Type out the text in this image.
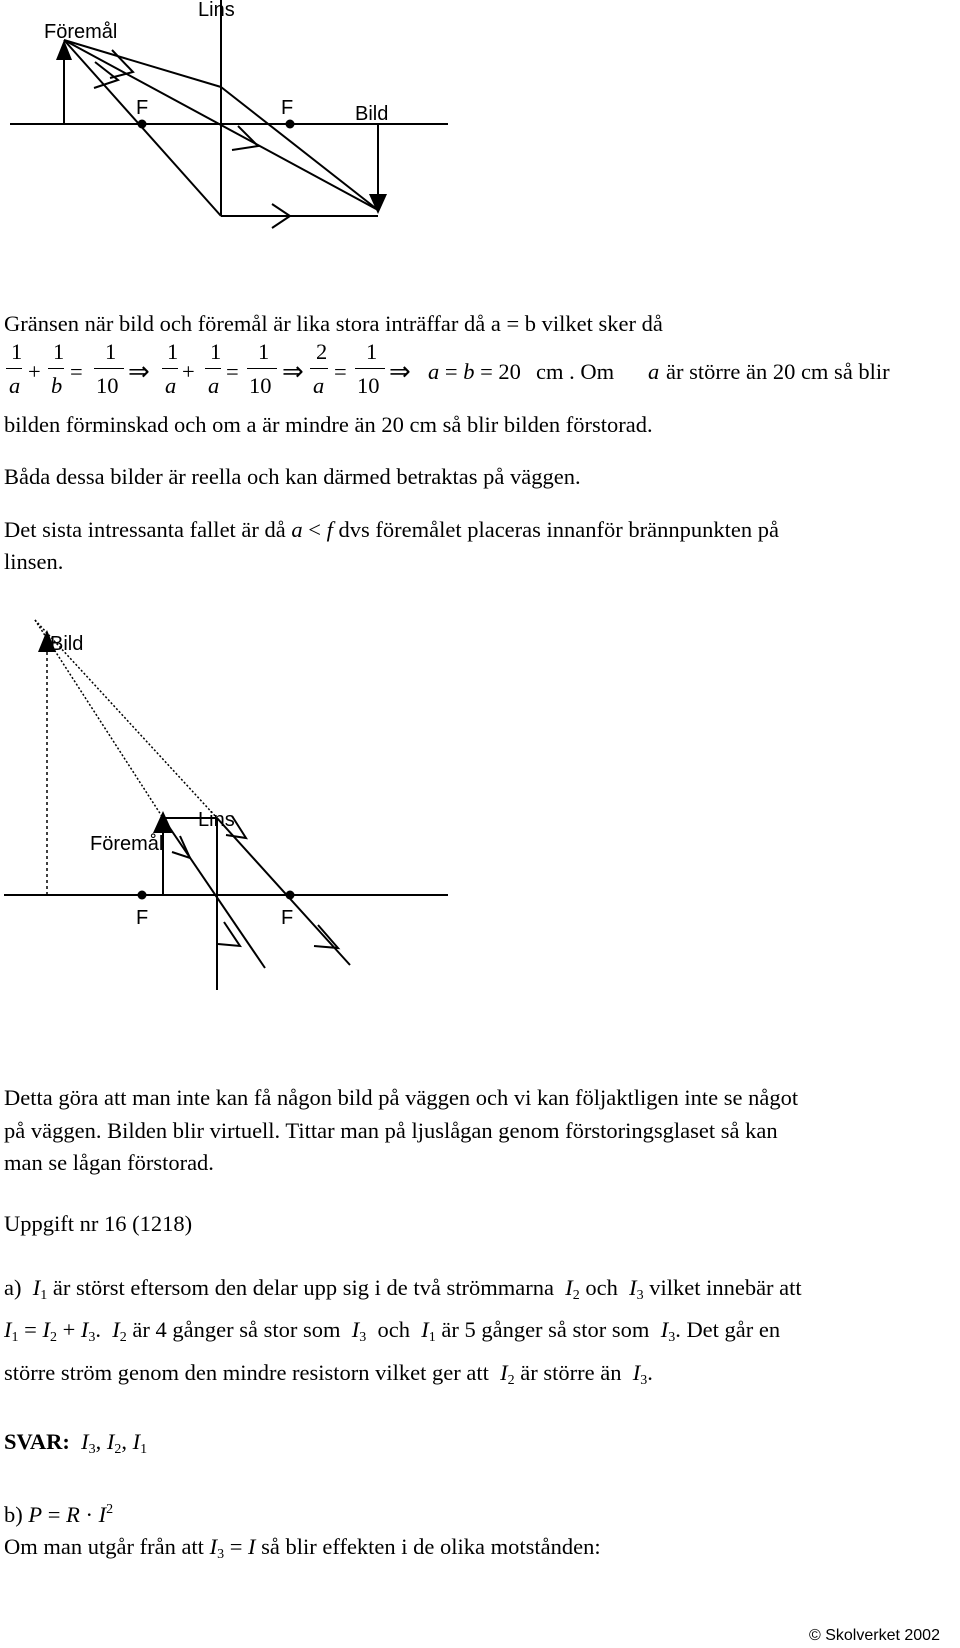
Föremål
Lins
F	F	Bild
Gränsen när bild och föremål är lika stora inträffar då a = b vilket sker då
1
a
+
1
b
=
1
10 ⇒
1
a
+
1
a
=
1
10 ⇒
2
a
=
1
10 ⇒ a = b = 20 cm . Om a är större än 20 cm så blir
bilden förminskad och om a är mindre än 20 cm så blir bilden förstorad.
Båda dessa bilder är reella och kan därmed betraktas på väggen.
Det sista intressanta fallet är då a < f dvs föremålet placeras innanför brännpunkten på
linsen.
Bild
Föremål
Lins
F	F
Detta göra att man inte kan få någon bild på väggen och vi kan följaktligen inte se något
på väggen. Bilden blir virtuell. Tittar man på ljuslågan genom förstoringsglaset så kan
man se lågan förstorad.
Uppgift nr 16 (1218)
a) $I_1$ är störst eftersom den delar upp sig i de två strömmarna $I_2$ och $I_3$ vilket innebär att
$I_1 = I_2 + I_3$.  $I_2$ är 4 gånger så stor som $I_3$ och $I_1$ är 5 gånger så stor som $I_3$. Det går en
större ström genom den mindre resistorn vilket ger att $I_2$ är större än $I_3$.
SVAR: $I_3$, $I_2$, $I_1$
b) $P = R \cdot I^2$
Om man utgår från att $I_3 = I$ så blir effekten i de olika motstånden:
© Skolverket 2002
